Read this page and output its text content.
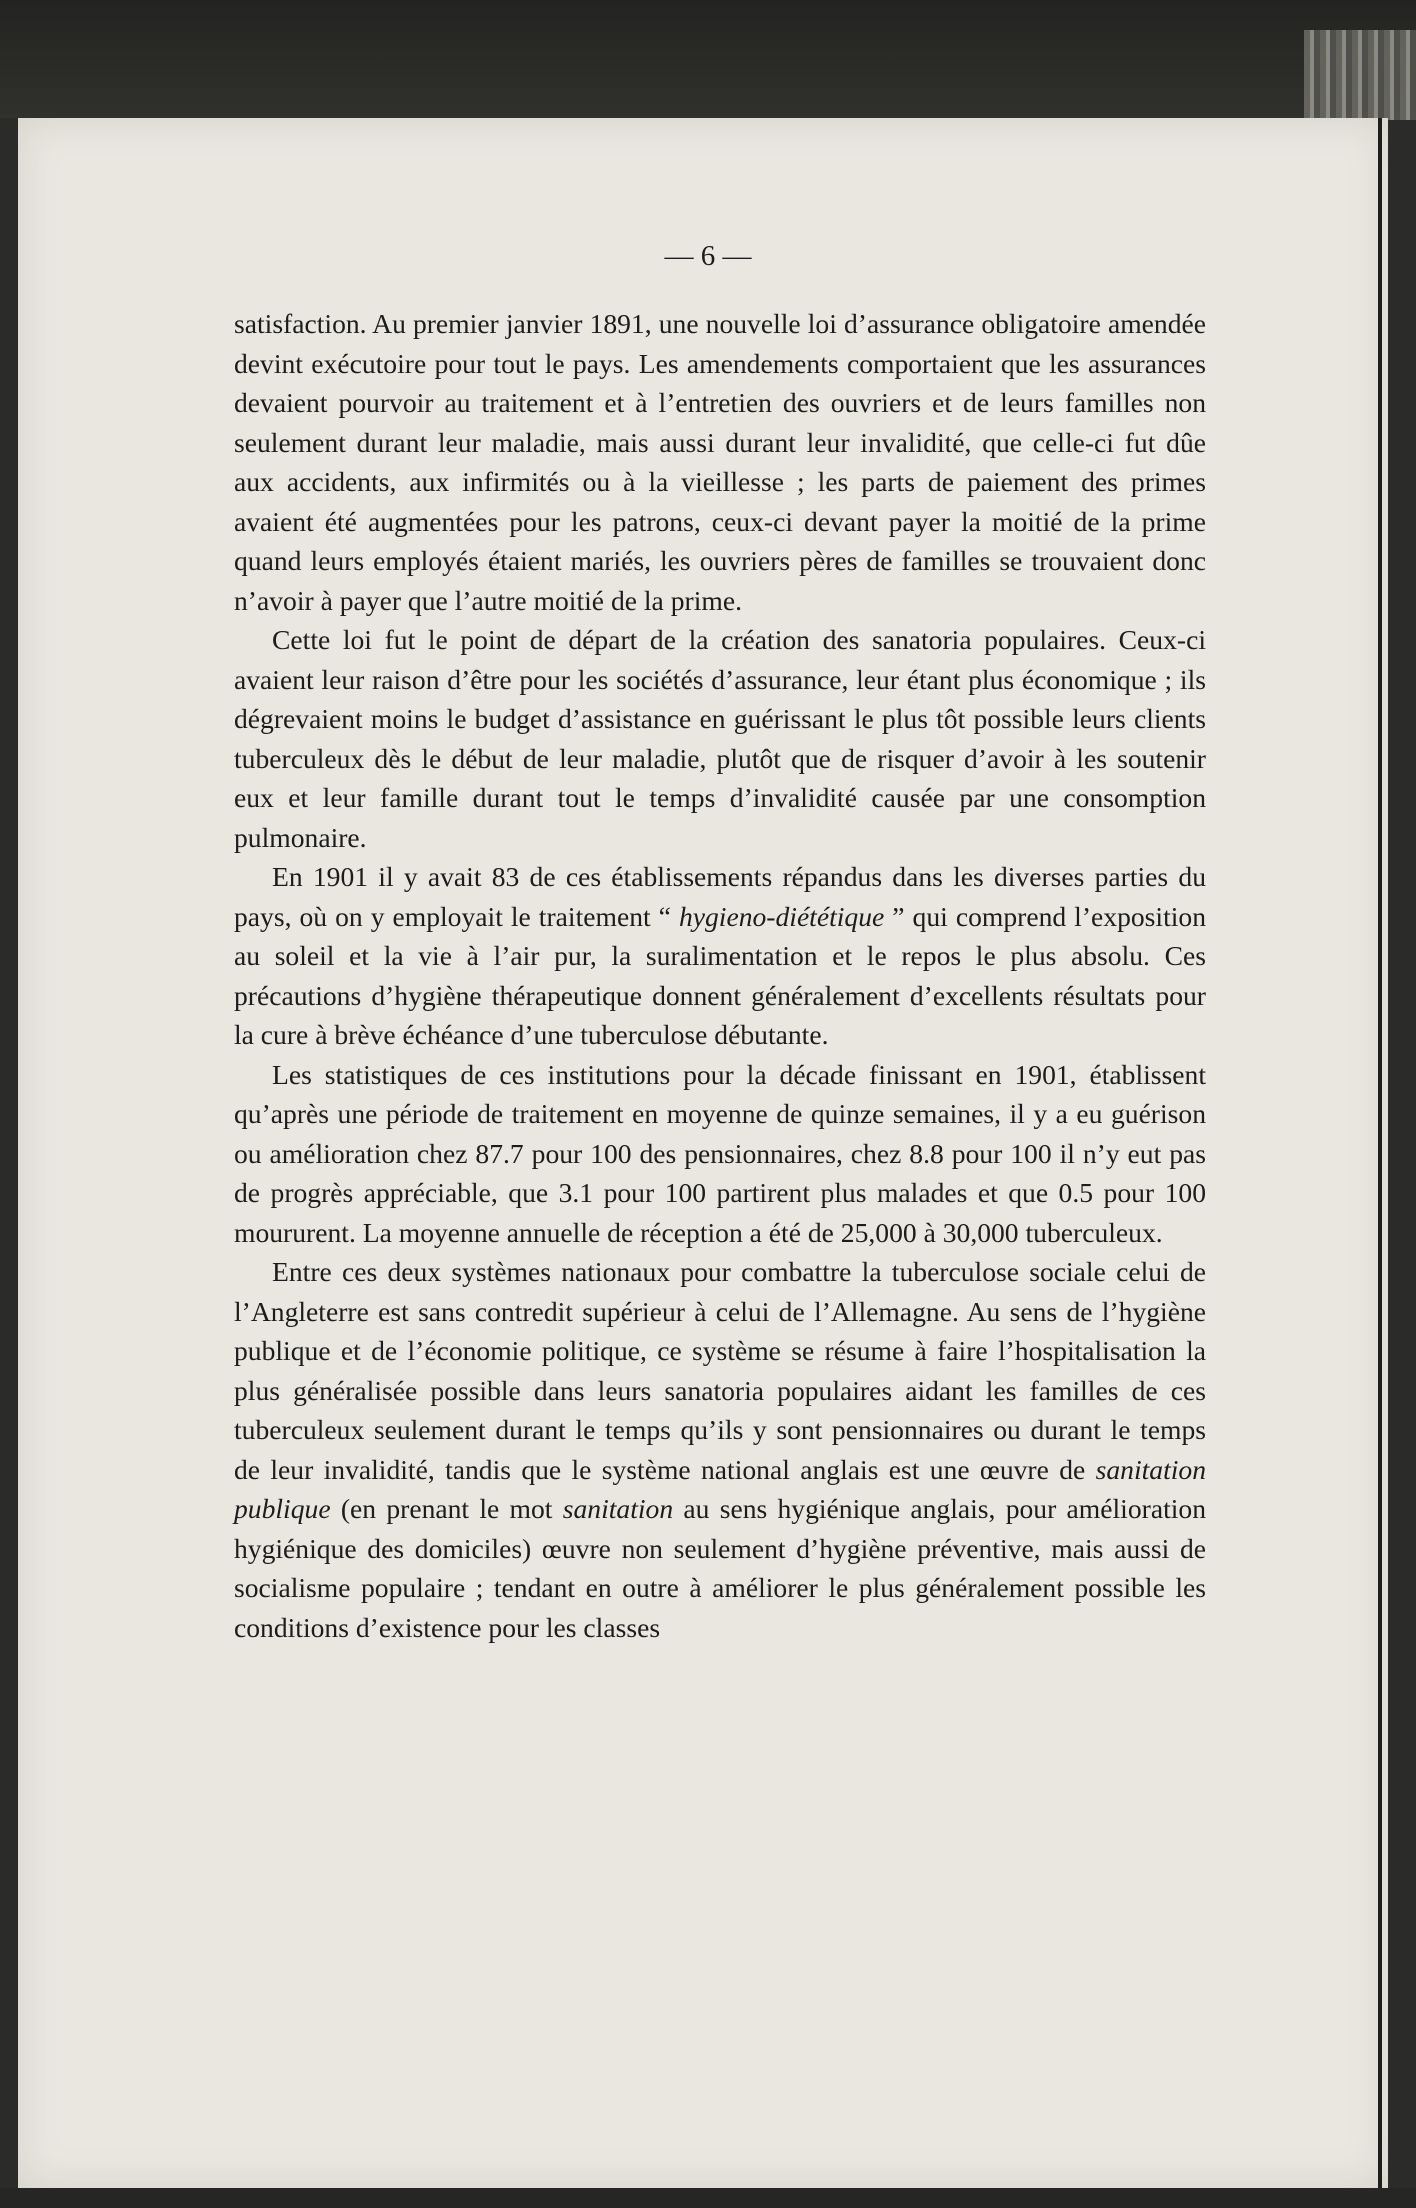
— 6 —

satisfaction. Au premier janvier 1891, une nouvelle loi d’assurance obligatoire amendée devint exécutoire pour tout le pays. Les amendements comportaient que les assurances devaient pourvoir au traitement et à l’entretien des ouvriers et de leurs familles non seulement durant leur maladie, mais aussi durant leur invalidité, que celle-ci fut dûe aux accidents, aux infirmités ou à la vieillesse ; les parts de paiement des primes avaient été augmentées pour les patrons, ceux-ci devant payer la moitié de la prime quand leurs employés étaient mariés, les ouvriers pères de familles se trouvaient donc n’avoir à payer que l’autre moitié de la prime.

Cette loi fut le point de départ de la création des sanatoria populaires. Ceux-ci avaient leur raison d’être pour les sociétés d’assurance, leur étant plus économique ; ils dégrevaient moins le budget d’assistance en guérissant le plus tôt possible leurs clients tuberculeux dès le début de leur maladie, plutôt que de risquer d’avoir à les soutenir eux et leur famille durant tout le temps d’invalidité causée par une consomption pulmonaire.

En 1901 il y avait 83 de ces établissements répandus dans les diverses parties du pays, où on y employait le traitement “ hygieno-diététique ” qui comprend l’exposition au soleil et la vie à l’air pur, la suralimentation et le repos le plus absolu. Ces précautions d’hygiène thérapeutique donnent généralement d’excellents résultats pour la cure à brève échéance d’une tuberculose débutante.

Les statistiques de ces institutions pour la décade finissant en 1901, établissent qu’après une période de traitement en moyenne de quinze semaines, il y a eu guérison ou amélioration chez 87.7 pour 100 des pensionnaires, chez 8.8 pour 100 il n’y eut pas de progrès appréciable, que 3.1 pour 100 partirent plus malades et que 0.5 pour 100 moururent. La moyenne annuelle de réception a été de 25,000 à 30,000 tuberculeux.

Entre ces deux systèmes nationaux pour combattre la tuberculose sociale celui de l’Angleterre est sans contredit supérieur à celui de l’Allemagne. Au sens de l’hygiène publique et de l’économie politique, ce système se résume à faire l’hospitalisation la plus généralisée possible dans leurs sanatoria populaires aidant les familles de ces tuberculeux seulement durant le temps qu’ils y sont pensionnaires ou durant le temps de leur invalidité, tandis que le système national anglais est une œuvre de sanitation publique (en prenant le mot sanitation au sens hygiénique anglais, pour amélioration hygiénique des domiciles) œuvre non seulement d’hygiène préventive, mais aussi de socialisme populaire ; tendant en outre à améliorer le plus généralement possible les conditions d’existence pour les classes
